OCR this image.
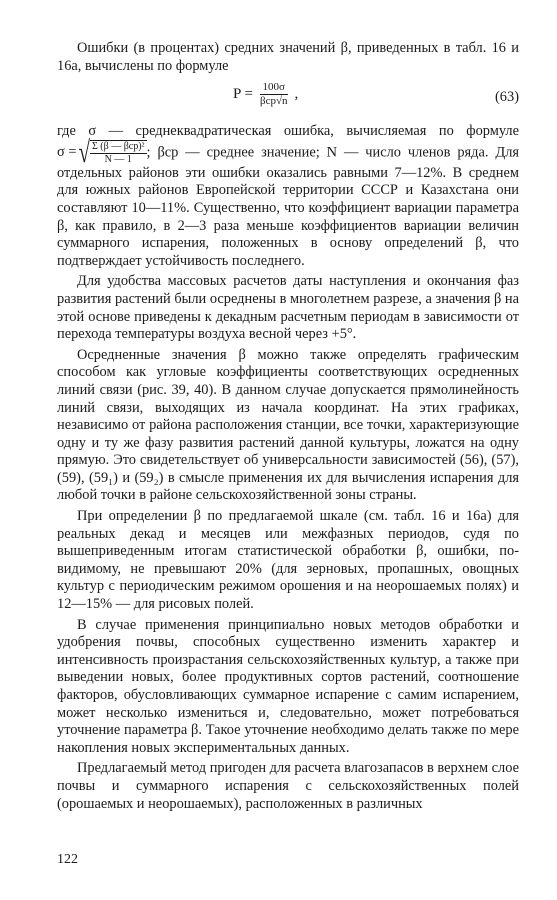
Ошибки (в процентах) средних значений β, приведенных в табл. 16 и 16а, вычислены по формуле

$P = \frac{100\sigma}{\text{βср√n}}$ ,	(63)

где σ — среднеквадратическая ошибка, вычисляемая по формуле
σ = √ Σ (β — βср)²
N — 1 ; βср — среднее значение; N — число членов ряда. Для отдельных районов эти ошибки оказались равными 7—12%. В среднем для южных районов Европейской территории СССР и Казахстана они составляют 10—11%. Существенно, что коэффициент вариации параметра β, как правило, в 2—3 раза меньше коэффициентов вариации величин суммарного испарения, положенных в основу определений β, что подтверждает устойчивость последнего.

Для удобства массовых расчетов даты наступления и окончания фаз развития растений были осреднены в многолетнем разрезе, а значения β на этой основе приведены к декадным расчетным периодам в зависимости от перехода температуры воздуха весной через +5°.

Осредненные значения β можно также определять графическим способом как угловые коэффициенты соответствующих осредненных линий связи (рис. 39, 40). В данном случае допускается прямолинейность линий связи, выходящих из начала координат. На этих графиках, независимо от района расположения станции, все точки, характеризующие одну и ту же фазу развития растений данной культуры, ложатся на одну прямую. Это свидетельствует об универсальности зависимостей (56), (57), (59), (59₁) и (59₂) в смысле применения их для вычисления испарения для любой точки в районе сельскохозяйственной зоны страны.

При определении β по предлагаемой шкале (см. табл. 16 и 16а) для реальных декад и месяцев или межфазных периодов, судя по вышеприведенным итогам статистической обработки β, ошибки, по-видимому, не превышают 20% (для зерновых, пропашных, овощных культур с периодическим режимом орошения и на неорошаемых полях) и 12—15% — для рисовых полей.

В случае применения принципиально новых методов обработки и удобрения почвы, способных существенно изменить характер и интенсивность произрастания сельскохозяйственных культур, а также при выведении новых, более продуктивных сортов растений, соотношение факторов, обусловливающих суммарное испарение с самим испарением, может несколько измениться и, следовательно, может потребоваться уточнение параметра β. Такое уточнение необходимо делать также по мере накопления новых экспериментальных данных.

Предлагаемый метод пригоден для расчета влагозапасов в верхнем слое почвы и суммарного испарения с сельскохозяйственных полей (орошаемых и неорошаемых), расположенных в различных

122
